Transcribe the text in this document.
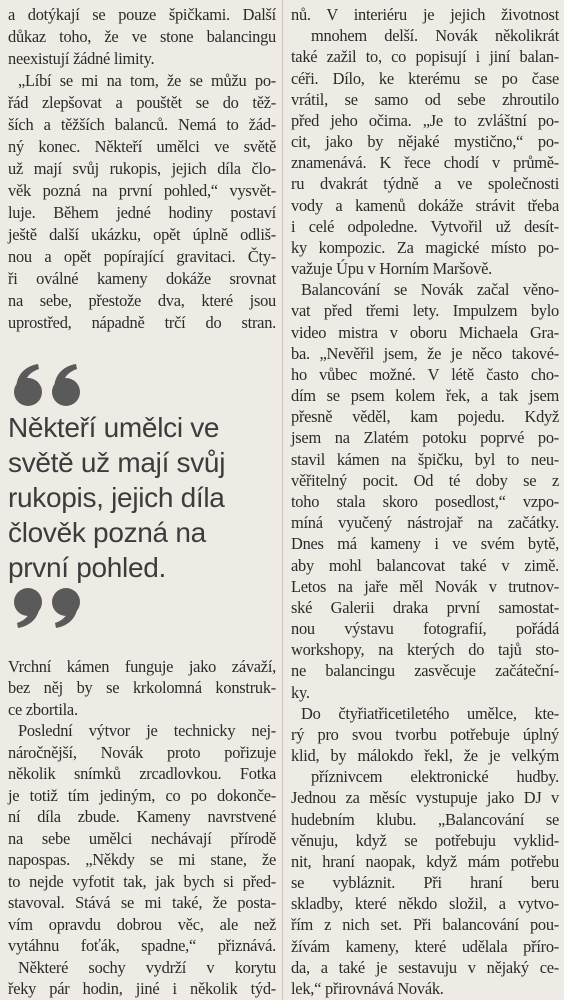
a dotýkají se pouze špičkami. Další
důkaz toho, že ve stone balancingu
neexistují žádné limity.
„Líbí se mi na tom, že se můžu po-
řád zlepšovat a pouštět se do těž-
ších a těžších balanců. Nemá to žád-
ný konec. Někteří umělci ve světě
už mají svůj rukopis, jejich díla člo-
věk pozná na první pohled,“ vysvět-
luje. Během jedné hodiny postaví
ještě další ukázku, opět úplně odliš-
nou a opět popírající gravitaci. Čty-
ři oválné kameny dokáže srovnat
na sebe, přestože dva, které jsou
uprostřed, nápadně trčí do stran.
Někteří umělci ve
světě už mají svůj
rukopis, jejich díla
člověk pozná na
první pohled.
Vrchní kámen funguje jako závaží,
bez něj by se krkolomná konstruk-
ce zbortila.
Poslední výtvor je technicky nej-
náročnější, Novák proto pořizuje
několik snímků zrcadlovkou. Fotka
je totiž tím jediným, co po dokonče-
ní díla zbude. Kameny navrstvené
na sebe umělci nechávají přírodě
napospas. „Někdy se mi stane, že
to nejde vyfotit tak, jak bych si před-
stavoval. Stává se mi také, že posta-
vím opravdu dobrou věc, ale než
vytáhnu foťák, spadne,“ přiznává.
Některé sochy vydrží v korytu
řeky pár hodin, jiné i několik týd-
nů. V interiéru je jejich životnost
mnohem delší. Novák několikrát
také zažil to, co popisují i jiní balan-
céři. Dílo, ke kterému se po čase
vrátil, se samo od sebe zhroutilo
před jeho očima. „Je to zvláštní po-
cit, jako by nějaké mystično,“ po-
znamenává. K řece chodí v průmě-
ru dvakrát týdně a ve společnosti
vody a kamenů dokáže strávit třeba
i celé odpoledne. Vytvořil už desít-
ky kompozic. Za magické místo po-
važuje Úpu v Horním Maršově.
Balancování se Novák začal věno-
vat před třemi lety. Impulzem bylo
video mistra v oboru Michaela Gra-
ba. „Nevěřil jsem, že je něco takové-
ho vůbec možné. V létě často cho-
dím se psem kolem řek, a tak jsem
přesně věděl, kam pojedu. Když
jsem na Zlatém potoku poprvé po-
stavil kámen na špičku, byl to neu-
věřitelný pocit. Od té doby se z
toho stala skoro posedlost,“ vzpo-
míná vyučený nástrojař na začátky.
Dnes má kameny i ve svém bytě,
aby mohl balancovat také v zimě.
Letos na jaře měl Novák v trutnov-
ské Galerii draka první samostat-
nou výstavu fotografií, pořádá
workshopy, na kterých do tajů sto-
ne balancingu zasvěcuje začáteční-
ky.
Do čtyřiatřicetiletého umělce, kte-
rý pro svou tvorbu potřebuje úplný
klid, by málokdo řekl, že je velkým
příznivcem elektronické hudby.
Jednou za měsíc vystupuje jako DJ v
hudebním klubu. „Balancování se
věnuju, když se potřebuju vyklid-
nit, hraní naopak, když mám potřebu
se vybláznit. Při hraní beru
skladby, které někdo složil, a vytvo-
řím z nich set. Při balancování pou-
žívám kameny, které udělala příro-
da, a také je sestavuju v nějaký ce-
lek,“ přirovnává Novák.
